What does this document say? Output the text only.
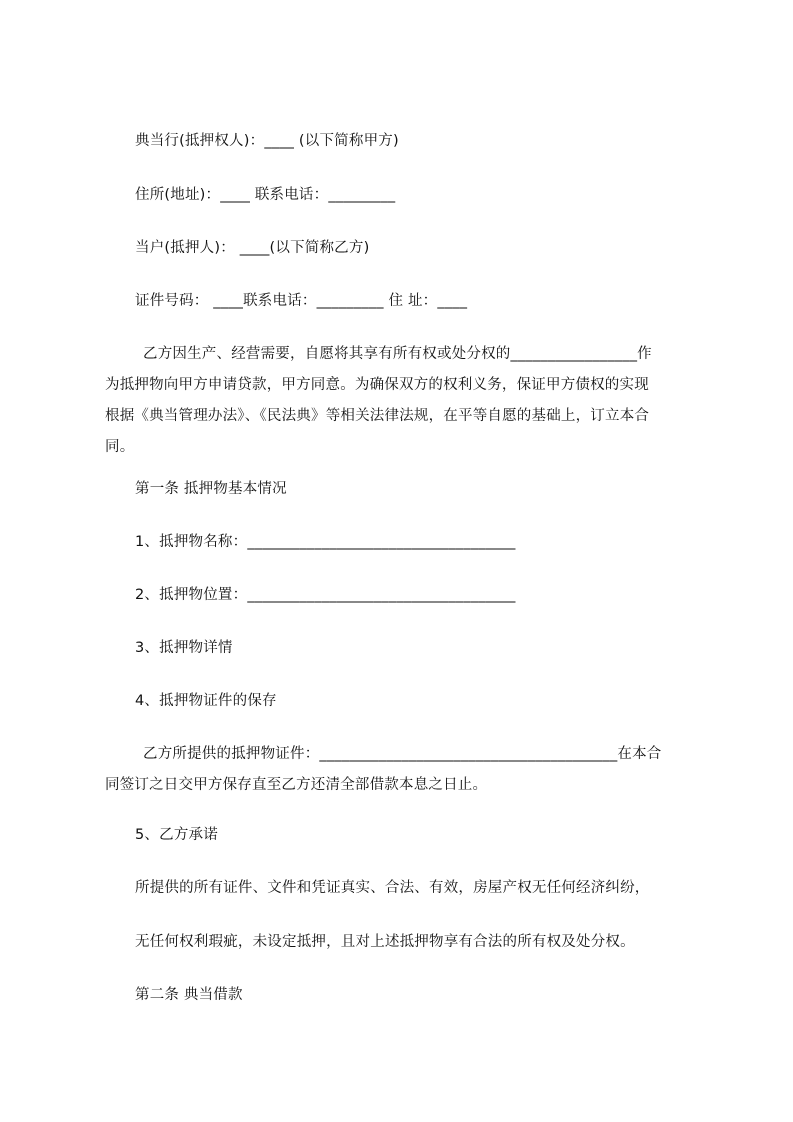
典当行(抵押权人)：____ (以下简称甲方)
住所(地址)：____ 联系电话：_________
当户(抵押人)： ____(以下简称乙方)
证件号码： ____联系电话：_________ 住 址：____
乙方因生产、经营需要，自愿将其享有所有权或处分权的_________________作
为抵押物向甲方申请贷款，甲方同意。为确保双方的权利义务，保证甲方债权的实现
根据《典当管理办法》、《民法典》等相关法律法规，在平等自愿的基础上，订立本合
同。
第一条 抵押物基本情况
1、抵押物名称：____________________________________
2、抵押物位置：____________________________________
3、抵押物详情
4、抵押物证件的保存
乙方所提供的抵押物证件：________________________________________在本合
同签订之日交甲方保存直至乙方还清全部借款本息之日止。
5、乙方承诺
所提供的所有证件、文件和凭证真实、合法、有效，房屋产权无任何经济纠纷，
无任何权利瑕疵，未设定抵押，且对上述抵押物享有合法的所有权及处分权。
第二条 典当借款
